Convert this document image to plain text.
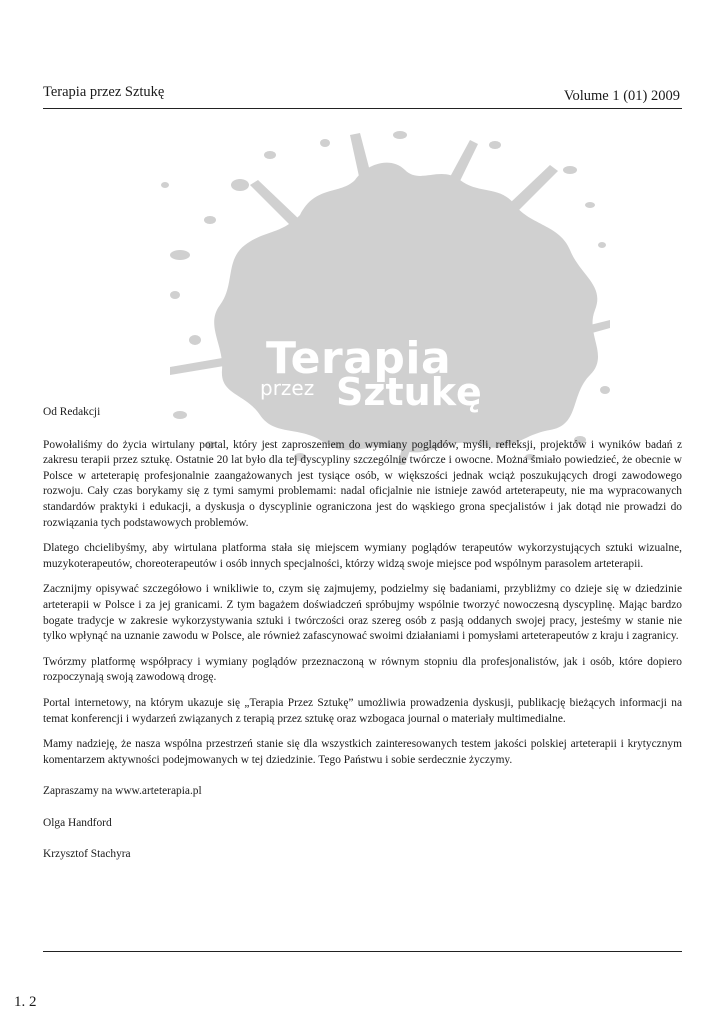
Terapia przez Sztukę	Volume 1 (01) 2009
Terapia
przez Sztukę

Od Redakcji

Powołaliśmy do życia wirtulany portal, który jest zaproszeniem do wymiany poglądów, myśli, refleksji, projektów i wyników badań z zakresu terapii przez sztukę. Ostatnie 20 lat było dla tej dyscypliny szczególnie twórcze i owocne. Można śmiało powiedzieć, że obecnie w Polsce w arteterapię profesjonalnie zaangażowanych jest tysiące osób, w większości jednak wciąż poszukujących drogi zawodowego rozwoju. Cały czas borykamy się z tymi samymi problemami: nadal oficjalnie nie istnieje zawód arteterapeuty, nie ma wypracowanych standardów praktyki i edukacji, a dyskusja o dyscyplinie ograniczona jest do wąskiego grona specjalistów i jak dotąd nie prowadzi do rozwiązania tych podstawowych problemów.

Dlatego chcielibyśmy, aby wirtulana platforma stała się miejscem wymiany poglądów terapeutów wykorzystujących sztuki wizualne, muzykoterapeutów, choreoterapeutów i osób innych specjalności, którzy widzą swoje miejsce pod wspólnym parasolem arteterapii.

Zacznijmy opisywać szczegółowo i wnikliwie to, czym się zajmujemy, podzielmy się badaniami, przybliżmy co dzieje się w dziedzinie arteterapii w Polsce i za jej granicami. Z tym bagażem doświadczeń spróbujmy wspólnie tworzyć nowoczesną dyscyplinę. Mając bardzo bogate tradycje w zakresie wykorzystywania sztuki i twórczości oraz szereg osób z pasją oddanych swojej pracy, jesteśmy w stanie nie tylko wpłynąć na uznanie zawodu w Polsce, ale również zafascynować swoimi działaniami i pomysłami arteterapeutów z kraju i zagranicy.

Twórzmy platformę współpracy i wymiany poglądów przeznaczoną w równym stopniu dla profesjonalistów, jak i osób, które dopiero rozpoczynają swoją zawodową drogę.

Portal internetowy, na którym ukazuje się „Terapia Przez Sztukę” umożliwia prowadzenia dyskusji, publikację bieżących informacji na temat konferencji i wydarzeń związanych z terapią przez sztukę oraz wzbogaca journal o materiały multimedialne.

Mamy nadzieję, że nasza wspólna przestrzeń stanie się dla wszystkich zainteresowanych testem jakości polskiej arteterapii i krytycznym komentarzem aktywności podejmowanych w tej dziedzinie. Tego Państwu i sobie serdecznie życzymy.

Zapraszamy na www.arteterapia.pl

Olga Handford

Krzysztof Stachyra

1. 2
